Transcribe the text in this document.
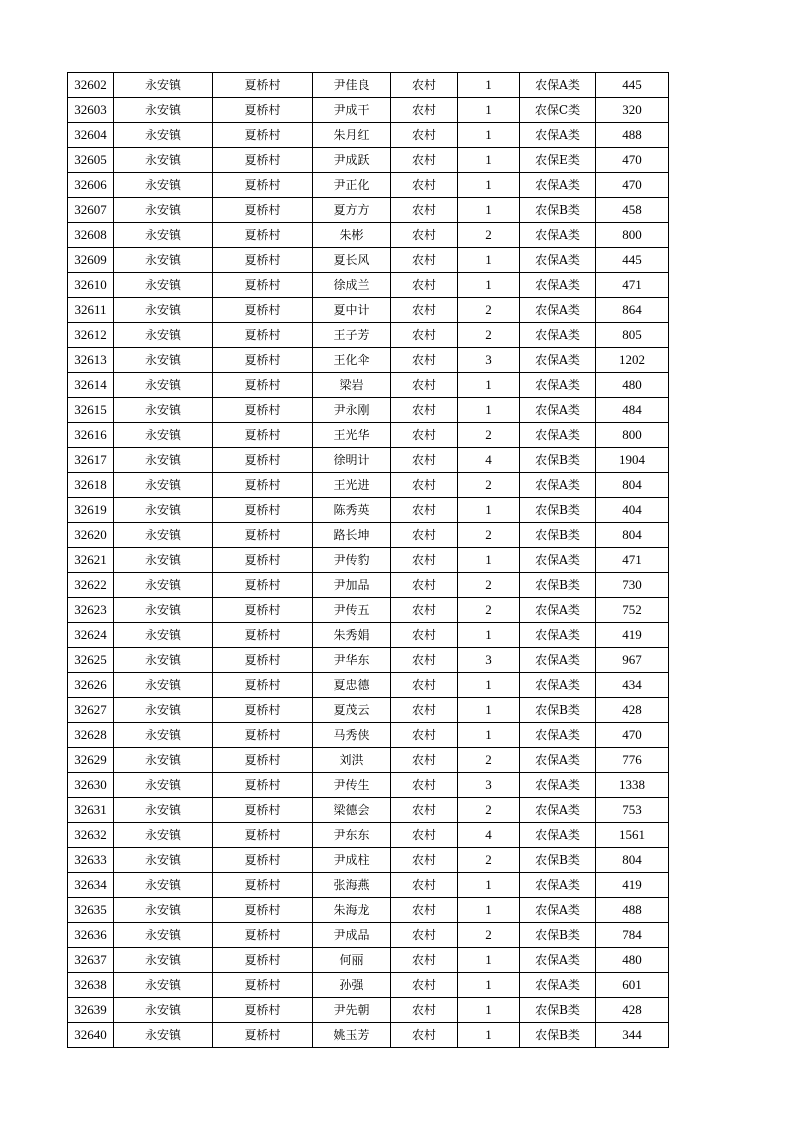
32602	永安镇	夏桥村	尹佳良	农村	1	农保A类	445
32603	永安镇	夏桥村	尹成干	农村	1	农保C类	320
32604	永安镇	夏桥村	朱月红	农村	1	农保A类	488
32605	永安镇	夏桥村	尹成跃	农村	1	农保E类	470
32606	永安镇	夏桥村	尹正化	农村	1	农保A类	470
32607	永安镇	夏桥村	夏方方	农村	1	农保B类	458
32608	永安镇	夏桥村	朱彬	农村	2	农保A类	800
32609	永安镇	夏桥村	夏长风	农村	1	农保A类	445
32610	永安镇	夏桥村	徐成兰	农村	1	农保A类	471
32611	永安镇	夏桥村	夏中计	农村	2	农保A类	864
32612	永安镇	夏桥村	王子芳	农村	2	农保A类	805
32613	永安镇	夏桥村	王化伞	农村	3	农保A类	1202
32614	永安镇	夏桥村	梁岩	农村	1	农保A类	480
32615	永安镇	夏桥村	尹永刚	农村	1	农保A类	484
32616	永安镇	夏桥村	王光华	农村	2	农保A类	800
32617	永安镇	夏桥村	徐明计	农村	4	农保B类	1904
32618	永安镇	夏桥村	王光进	农村	2	农保A类	804
32619	永安镇	夏桥村	陈秀英	农村	1	农保B类	404
32620	永安镇	夏桥村	路长坤	农村	2	农保B类	804
32621	永安镇	夏桥村	尹传豹	农村	1	农保A类	471
32622	永安镇	夏桥村	尹加品	农村	2	农保B类	730
32623	永安镇	夏桥村	尹传五	农村	2	农保A类	752
32624	永安镇	夏桥村	朱秀娟	农村	1	农保A类	419
32625	永安镇	夏桥村	尹华东	农村	3	农保A类	967
32626	永安镇	夏桥村	夏忠德	农村	1	农保A类	434
32627	永安镇	夏桥村	夏茂云	农村	1	农保B类	428
32628	永安镇	夏桥村	马秀侠	农村	1	农保A类	470
32629	永安镇	夏桥村	刘洪	农村	2	农保A类	776
32630	永安镇	夏桥村	尹传生	农村	3	农保A类	1338
32631	永安镇	夏桥村	梁德会	农村	2	农保A类	753
32632	永安镇	夏桥村	尹东东	农村	4	农保A类	1561
32633	永安镇	夏桥村	尹成柱	农村	2	农保B类	804
32634	永安镇	夏桥村	张海燕	农村	1	农保A类	419
32635	永安镇	夏桥村	朱海龙	农村	1	农保A类	488
32636	永安镇	夏桥村	尹成品	农村	2	农保B类	784
32637	永安镇	夏桥村	何丽	农村	1	农保A类	480
32638	永安镇	夏桥村	孙强	农村	1	农保A类	601
32639	永安镇	夏桥村	尹先朝	农村	1	农保B类	428
32640	永安镇	夏桥村	姚玉芳	农村	1	农保B类	344
